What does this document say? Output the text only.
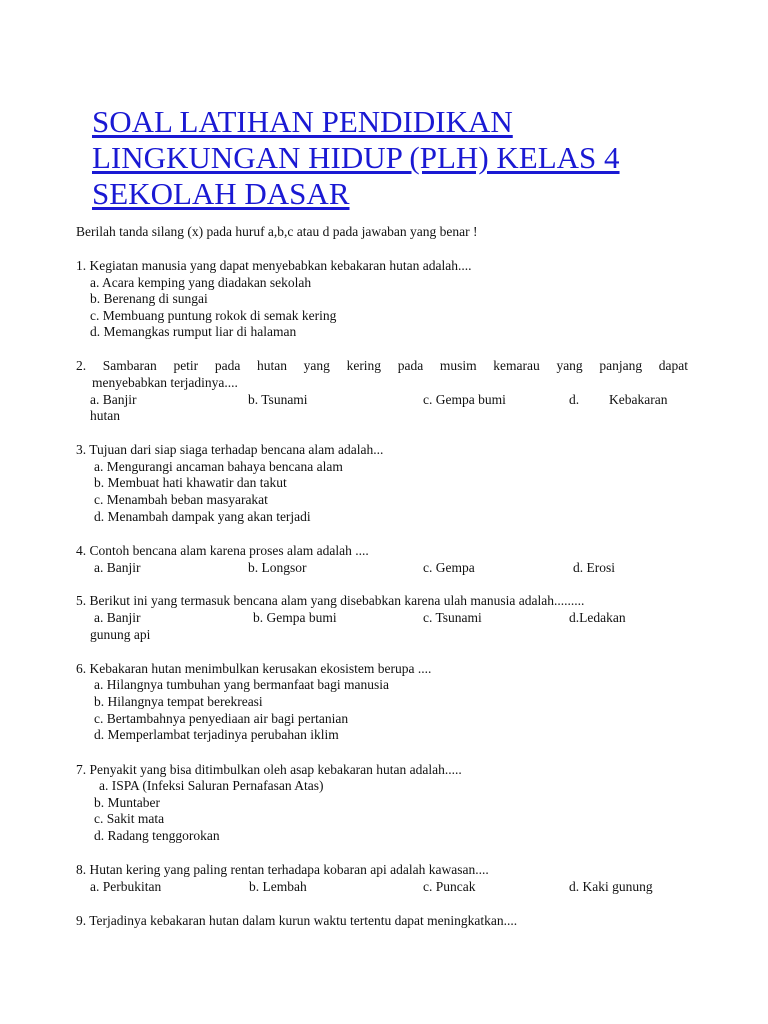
SOAL LATIHAN PENDIDIKAN
LINGKUNGAN HIDUP (PLH) KELAS 4
SEKOLAH DASAR
Berilah tanda silang (x) pada huruf a,b,c atau d pada jawaban yang benar !
1. Kegiatan manusia yang dapat menyebabkan kebakaran hutan adalah....
a. Acara kemping yang diadakan sekolah
b. Berenang di sungai
c. Membuang puntung rokok di semak kering
d. Memangkas rumput liar di halaman
2. Sambaran petir pada hutan yang kering pada musim kemarau yang panjang dapat
menyebabkan terjadinya....
a. Banjir	b. Tsunami	c. Gempa bumi	d. Kebakaran
hutan
3. Tujuan dari siap siaga terhadap bencana alam adalah...
a. Mengurangi ancaman bahaya bencana alam
b. Membuat hati khawatir dan takut
c. Menambah beban masyarakat
d. Menambah dampak yang akan terjadi
4. Contoh bencana alam karena proses alam adalah ....
a. Banjir	b. Longsor	c. Gempa	d. Erosi
5. Berikut ini yang termasuk bencana alam yang disebabkan karena ulah manusia adalah.........
a. Banjir	b. Gempa bumi	c. Tsunami	d.Ledakan
gunung api
6. Kebakaran hutan menimbulkan kerusakan ekosistem berupa ....
a. Hilangnya tumbuhan yang bermanfaat bagi manusia
b. Hilangnya tempat berekreasi
c. Bertambahnya penyediaan air bagi pertanian
d. Memperlambat terjadinya perubahan iklim
7. Penyakit yang bisa ditimbulkan oleh asap kebakaran hutan adalah.....
a. ISPA (Infeksi Saluran Pernafasan Atas)
b. Muntaber
c. Sakit mata
d. Radang tenggorokan
8. Hutan kering yang paling rentan terhadapa kobaran api adalah kawasan....
a. Perbukitan	b. Lembah	c. Puncak	d. Kaki gunung
9. Terjadinya kebakaran hutan dalam kurun waktu tertentu dapat meningkatkan....
